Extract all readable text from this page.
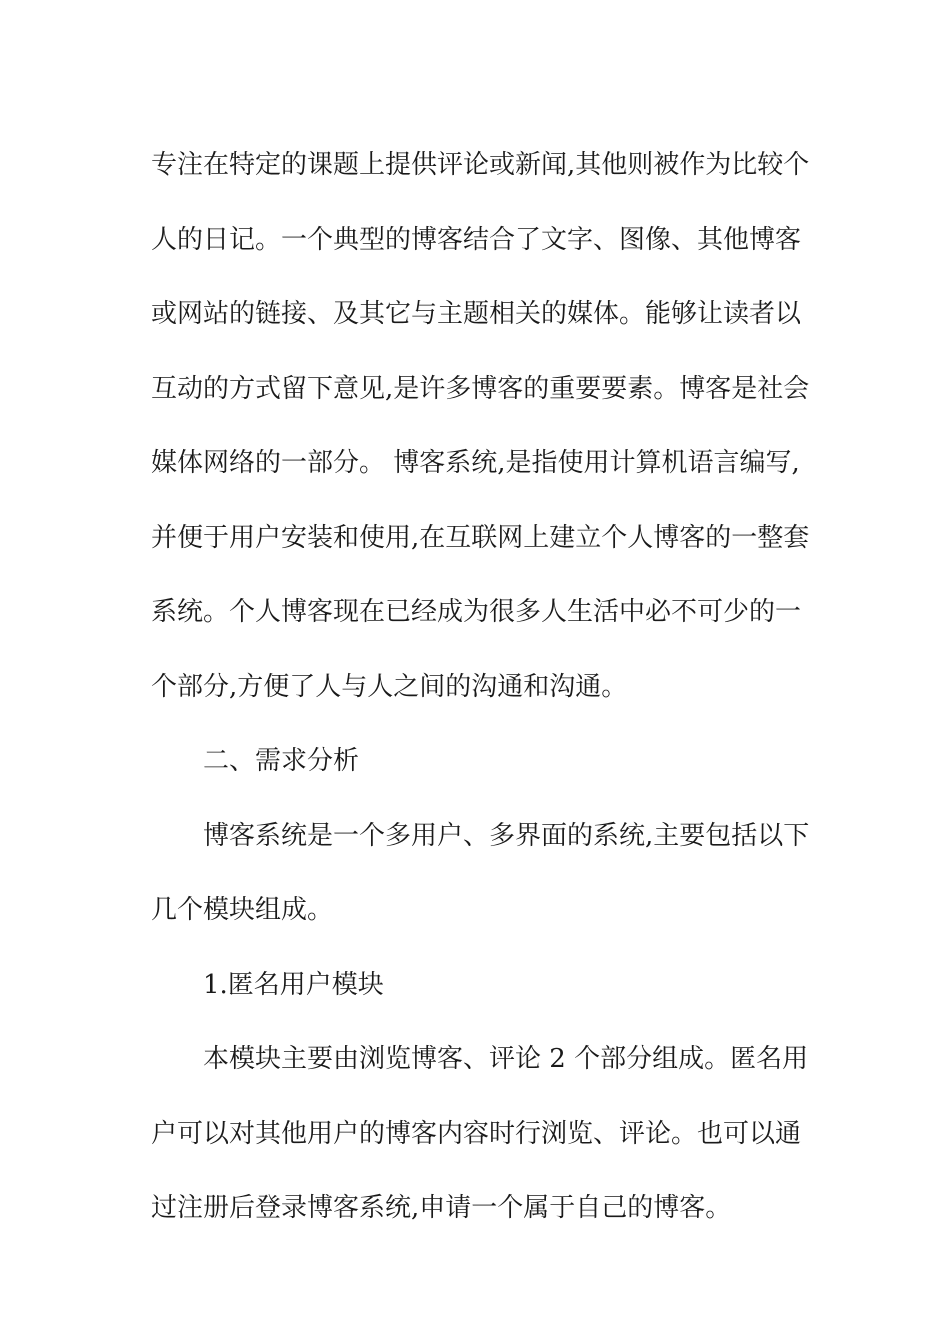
专注在特定的课题上提供评论或新闻,其他则被作为比较个
人的日记。一个典型的博客结合了文字、图像、其他博客
或网站的链接、及其它与主题相关的媒体。能够让读者以
互动的方式留下意见,是许多博客的重要要素。博客是社会
媒体网络的一部分。 博客系统,是指使用计算机语言编写,
并便于用户安装和使用,在互联网上建立个人博客的一整套
系统。个人博客现在已经成为很多人生活中必不可少的一
个部分,方便了人与人之间的沟通和沟通。
二、需求分析
博客系统是一个多用户、多界面的系统,主要包括以下
几个模块组成。
1.匿名用户模块
本模块主要由浏览博客、评论 2 个部分组成。匿名用
户可以对其他用户的博客内容时行浏览、评论。也可以通
过注册后登录博客系统,申请一个属于自己的博客。
